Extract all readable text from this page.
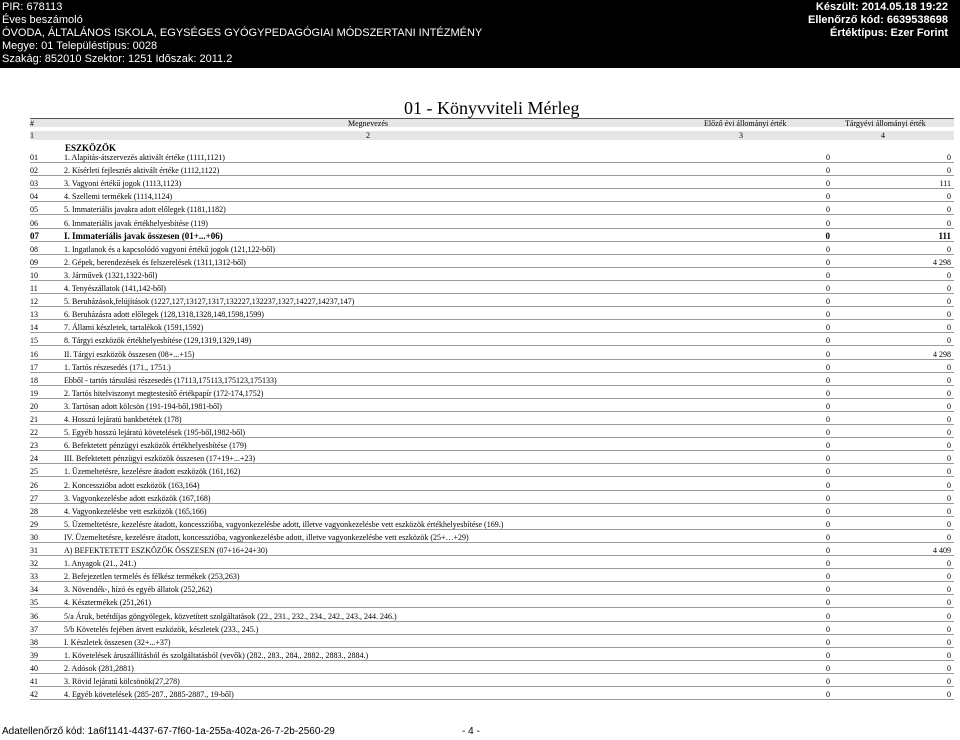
PIR: 678113
Éves beszámoló
ÓVODA, ÁLTALÁNOS ISKOLA, EGYSÉGES GYÓGYPEDAGÓGIAI MÓDSZERTANI INTÉZMÉNY
Megye: 01 Településtípus: 0028
Szakág: 852010 Szektor: 1251 Időszak: 2011.2
Készült: 2014.05.18 19:22
Ellenőrző kód: 6639538698
Értéktípus: Ezer Forint
01 - Könyvviteli Mérleg
#	Megnevezés	Előző évi állományi érték	Tárgyévi állományi érték
1	2	3	4
ESZKÖZÖK
01	1. Alapítás-átszervezés aktivált értéke (1111,1121)	0	0
02	2. Kísérleti fejlesztés aktivált értéke (1112,1122)	0	0
03	3. Vagyoni értékű jogok (1113,1123)	0	111
04	4. Szellemi termékek (1114,1124)	0	0
05	5. Immateriális javakra adott előlegek (1181,1182)	0	0
06	6. Immateriális javak értékhelyesbítése (119)	0	0
07	I. Immateriális javak összesen (01+...+06)	0	111
08	1. Ingatlanok és a kapcsolódó vagyoni értékű jogok (121,122-ből)	0	0
09	2. Gépek, berendezések és felszerelések (1311,1312-ből)	0	4 298
10	3. Járművek (1321,1322-ből)	0	0
11	4. Tenyészállatok (141,142-ből)	0	0
12	5. Beruházások,felújítások (1227,127,13127,1317,132227,132237,1327,14227,14237,147)	0	0
13	6. Beruházásra adott előlegek (128,1318,1328,148,1598,1599)	0	0
14	7. Állami készletek, tartalékok (1591,1592)	0	0
15	8. Tárgyi eszközök értékhelyesbítése (129,1319,1329,149)	0	0
16	II. Tárgyi eszközök összesen (08+...+15)	0	4 298
17	1. Tartós részesedés (171., 1751.)	0	0
18	Ebből - tartós társulási részesedés (17113,175113,175123,175133)	0	0
19	2. Tartós hitelviszonyt megtestesítő értékpapír (172-174,1752)	0	0
20	3. Tartósan adott kölcsön (191-194-ből,1981-ből)	0	0
21	4. Hosszú lejáratú bankbetétek (178)	0	0
22	5. Egyéb hosszú lejáratú követelések (195-ből,1982-ből)	0	0
23	6. Befektetett pénzügyi eszközök értékhelyesbítése (179)	0	0
24	III. Befektetett pénzügyi eszközök összesen (17+19+...+23)	0	0
25	1. Üzemeltetésre, kezelésre átadott eszközök (161,162)	0	0
26	2. Koncesszióba adott eszközök (163,164)	0	0
27	3. Vagyonkezelésbe adott eszközök (167,168)	0	0
28	4. Vagyonkezelésbe vett eszközök (165,166)	0	0
29	5. Üzemeltetésre, kezelésre átadott, koncesszióba, vagyonkezelésbe adott, illetve vagyonkezelésbe vett eszközök értékhelyesbítése (169.)	0	0
30	IV. Üzemeltetésre, kezelésre átadott, koncesszióba, vagyonkezelésbe adott, illetve vagyonkezelésbe vett eszközök (25+…+29)	0	0
31	A) BEFEKTETETT ESZKÖZÖK ÖSSZESEN (07+16+24+30)	0	4 409
32	1. Anyagok (21., 241.)	0	0
33	2. Befejezetlen termelés és félkész termékek (253,263)	0	0
34	3. Növendék-, hízó és egyéb állatok (252,262)	0	0
35	4. Késztermékek (251,261)	0	0
36	5/a Áruk, betétdíjas göngyölegek, közvetített szolgáltatások (22., 231., 232., 234., 242., 243., 244. 246.)	0	0
37	5/b Követelés fejében átvett eszközök, készletek (233., 245.)	0	0
38	I. Készletek összesen (32+...+37)	0	0
39	1. Követelések áruszállításból és szolgáltatásból (vevők) (282., 283., 284., 2882., 2883., 2884.)	0	0
40	2. Adósok (281,2881)	0	0
41	3. Rövid lejáratú kölcsönök(27,278)	0	0
42	4. Egyéb követelések (285-287., 2885-2887., 19-ből)	0	0
Adatellenőrző kód: 1a6f1141-4437-67-7f60-1a-255a-402a-26-7-2b-2560-29	- 4 -
